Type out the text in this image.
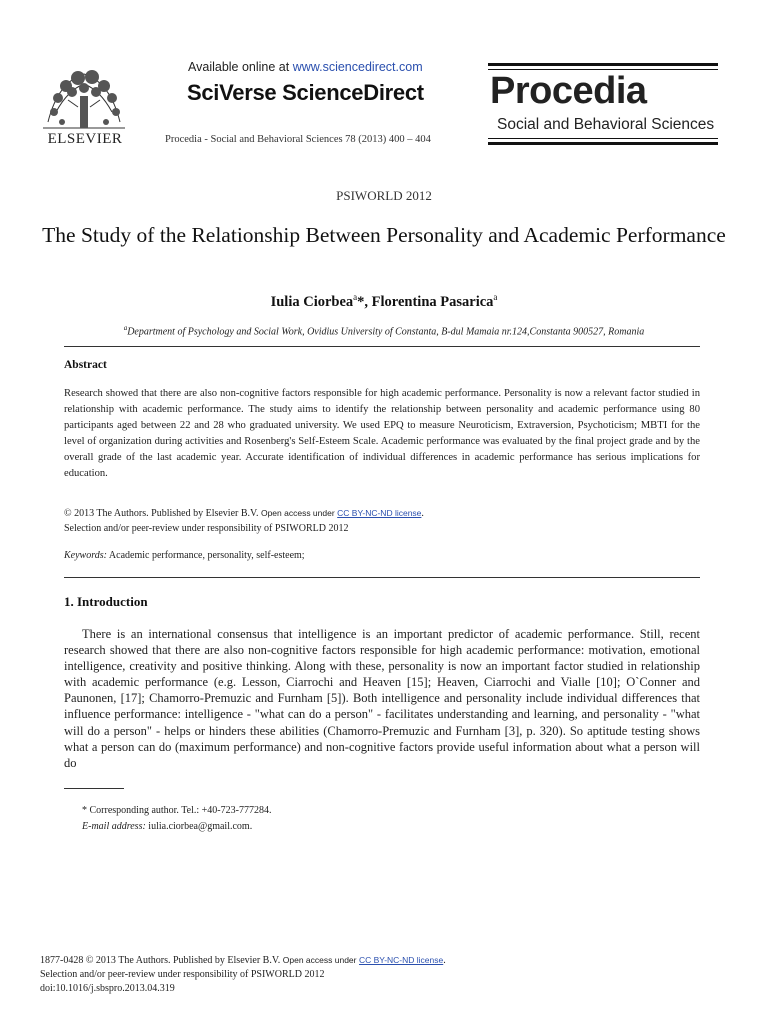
ELSEVIER
Available online at www.sciencedirect.com
SciVerse ScienceDirect
Procedia - Social and Behavioral Sciences 78 (2013) 400 – 404
Procedia
Social and Behavioral Sciences
PSIWORLD 2012
The Study of the Relationship Between Personality and Academic Performance
Iulia Ciorbea$^a$*, Florentina Pasarica$^a$
$^a$Department of Psychology and Social Work, Ovidius University of Constanta, B-dul Mamaia nr.124,Constanta 900527, Romania
Abstract
Research showed that there are also non-cognitive factors responsible for high academic performance. Personality is now a relevant factor studied in relationship with academic performance. The study aims to identify the relationship between personality and academic performance using 80 participants aged between 22 and 28 who graduated university. We used EPQ to measure Neuroticism, Extraversion, Psychoticism; MBTI for the level of organization during activities and Rosenberg's Self-Esteem Scale. Academic performance was evaluated by the final project grade and by the overall grade of the last academic year. Accurate identification of individual differences in academic performance has serious implications for education.
© 2013 The Authors. Published by Elsevier B.V. Open access under CC BY-NC-ND license.
Selection and/or peer-review under responsibility of PSIWORLD 2012
Keywords: Academic performance, personality, self-esteem;
1. Introduction
There is an international consensus that intelligence is an important predictor of academic performance. Still, recent research showed that there are also non-cognitive factors responsible for high academic performance: motivation, emotional intelligence, creativity and positive thinking. Along with these, personality is now an important factor studied in relationship with academic performance (e.g. Lesson, Ciarrochi and Heaven [15]; Heaven, Ciarrochi and Vialle [10]; O`Conner and Paunonen, [17]; Chamorro-Premuzic and Furnham [5]). Both intelligence and personality include individual differences that influence performance: intelligence - "what can do a person" - facilitates understanding and learning, and personality - "what will do a person" - helps or hinders these abilities (Chamorro-Premuzic and Furnham [3], p. 320). So aptitude testing shows what a person can do (maximum performance) and non-cognitive factors provide useful information about what a person will do
* Corresponding author. Tel.: +40-723-777284.
E-mail address: iulia.ciorbea@gmail.com.
1877-0428 © 2013 The Authors. Published by Elsevier B.V. Open access under CC BY-NC-ND license.
Selection and/or peer-review under responsibility of PSIWORLD 2012
doi:10.1016/j.sbspro.2013.04.319
